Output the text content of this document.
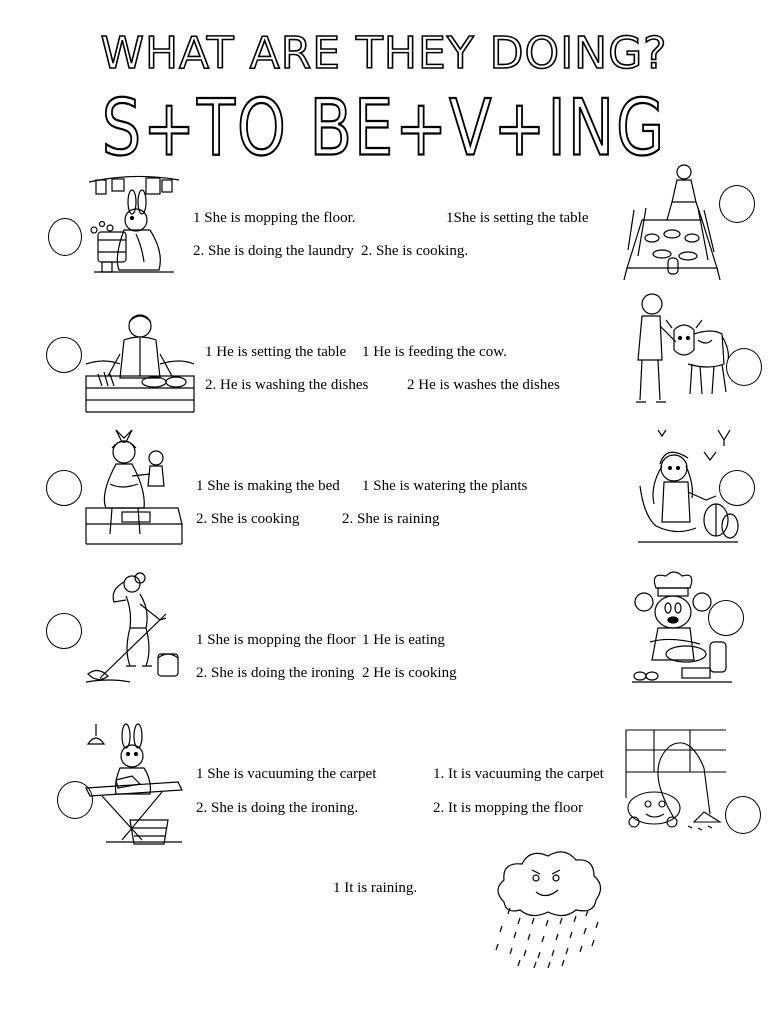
WHAT ARE THEY DOING?
S+TO BE+V+ING
1 She is mopping the floor.
2. She is doing the laundry
1She is setting the table
2. She is cooking.
1 He is setting the table
2. He is washing the dishes
1 He is feeding the cow.
2 He is washes the dishes
1 She is making the bed
2. She is cooking
1 She is watering the plants
2. She is raining
1 She is mopping the floor
2. She is doing the ironing
1 He is eating
2 He is cooking
1 She is vacuuming the carpet
2. She is doing the ironing.
1. It is vacuuming the carpet
2. It is mopping the floor
1 It is raining.
